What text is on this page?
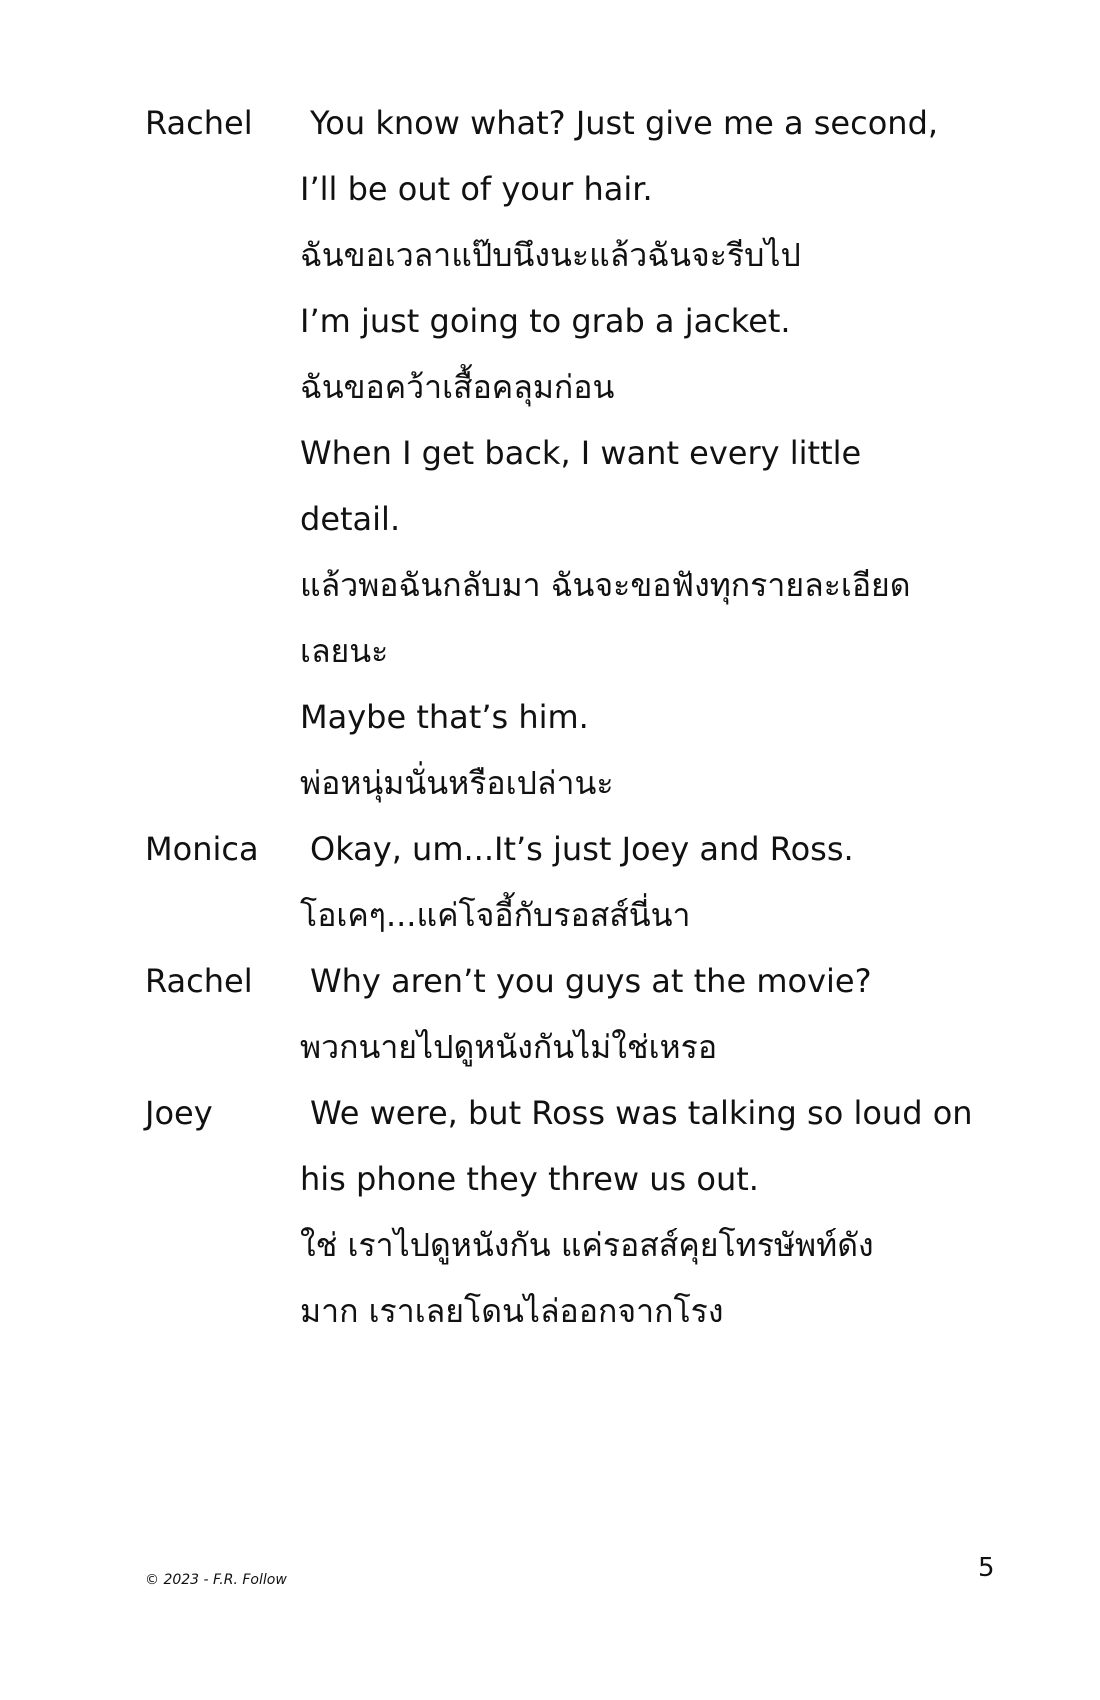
Rachel You know what? Just give me a second,
I’ll be out of your hair.
ฉันขอเวลาแป๊บนึงนะแล้วฉันจะรีบไป
I’m just going to grab a jacket.
ฉันขอคว้าเสื้อคลุมก่อน
When I get back, I want every little
detail.
แล้วพอฉันกลับมา ฉันจะขอฟังทุกรายละเอียด
เลยนะ
Maybe that’s him.
พ่อหนุ่มนั่นหรือเปล่านะ
Monica Okay, um...It’s just Joey and Ross.
โอเคๆ...แค่โจอี้กับรอสส์นี่นา
Rachel Why aren’t you guys at the movie?
พวกนายไปดูหนังกันไม่ใช่เหรอ
Joey	We were, but Ross was talking so loud on
his phone they threw us out.
ใช่ เราไปดูหนังกัน แค่รอสส์คุยโทรษัพท์ดัง
มาก เราเลยโดนไล่ออกจากโรง
© 2023 - F.R. Follow	5
